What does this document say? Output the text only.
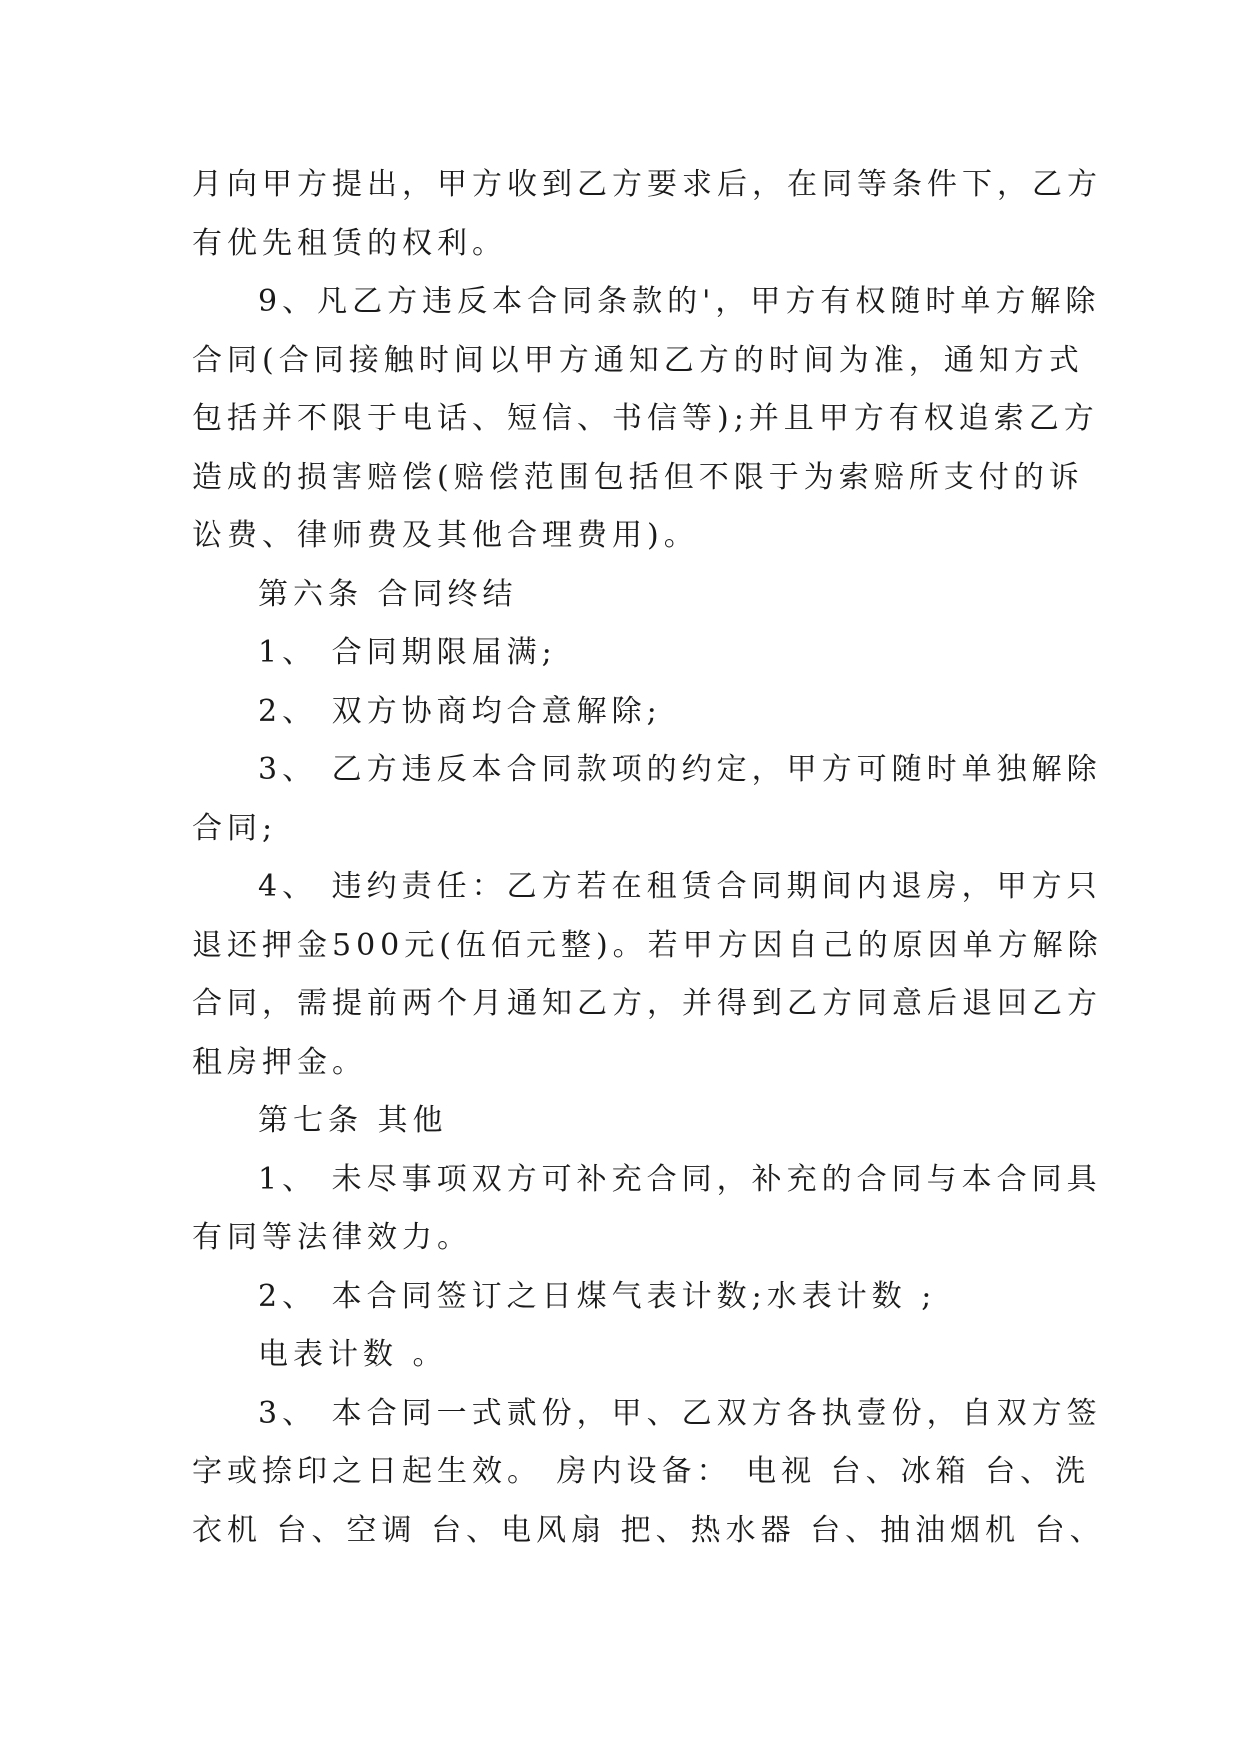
月向甲方提出，甲方收到乙方要求后，在同等条件下，乙方
有优先租赁的权利。
9、凡乙方违反本合同条款的'，甲方有权随时单方解除
合同(合同接触时间以甲方通知乙方的时间为准，通知方式
包括并不限于电话、短信、书信等);并且甲方有权追索乙方
造成的损害赔偿(赔偿范围包括但不限于为索赔所支付的诉
讼费、律师费及其他合理费用)。
第六条 合同终结
1、 合同期限届满;
2、 双方协商均合意解除;
3、 乙方违反本合同款项的约定，甲方可随时单独解除
合同;
4、 违约责任：乙方若在租赁合同期间内退房，甲方只
退还押金500元(伍佰元整)。若甲方因自己的原因单方解除
合同，需提前两个月通知乙方，并得到乙方同意后退回乙方
租房押金。
第七条 其他
1、 未尽事项双方可补充合同，补充的合同与本合同具
有同等法律效力。
2、 本合同签订之日煤气表计数;水表计数 ;
电表计数 。
3、 本合同一式贰份，甲、乙双方各执壹份，自双方签
字或捺印之日起生效。 房内设备： 电视 台、冰箱 台、洗
衣机 台、空调 台、电风扇 把、热水器 台、抽油烟机 台、
